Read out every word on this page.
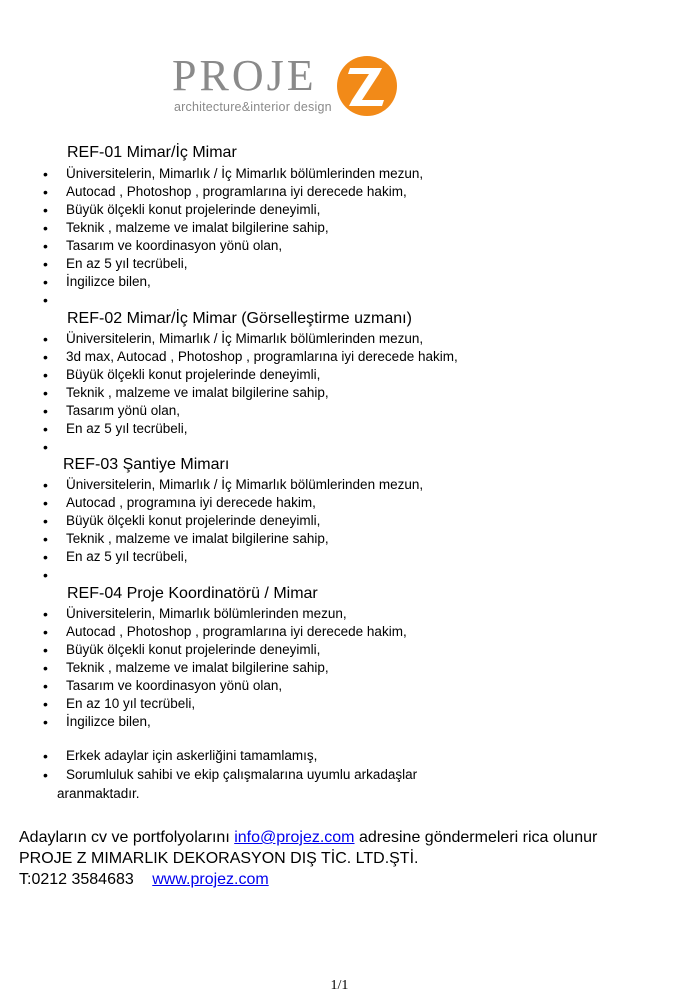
PROJE
architecture&interior design
REF-01 Mimar/İç Mimar
• Üniversitelerin, Mimarlık / İç Mimarlık bölümlerinden mezun,
• Autocad , Photoshop , programlarına iyi derecede hakim,
• Büyük ölçekli konut projelerinde deneyimli,
• Teknik , malzeme ve imalat bilgilerine sahip,
• Tasarım ve koordinasyon yönü olan,
• En az 5 yıl tecrübeli,
• İngilizce bilen,
•
REF-02 Mimar/İç Mimar (Görselleştirme uzmanı)
• Üniversitelerin, Mimarlık / İç Mimarlık bölümlerinden mezun,
• 3d max, Autocad , Photoshop , programlarına iyi derecede hakim,
• Büyük ölçekli konut projelerinde deneyimli,
• Teknik , malzeme ve imalat bilgilerine sahip,
• Tasarım yönü olan,
• En az 5 yıl tecrübeli,
•
REF-03 Şantiye Mimarı
• Üniversitelerin, Mimarlık / İç Mimarlık bölümlerinden mezun,
• Autocad , programına iyi derecede hakim,
• Büyük ölçekli konut projelerinde deneyimli,
• Teknik , malzeme ve imalat bilgilerine sahip,
• En az 5 yıl tecrübeli,
•
REF-04 Proje Koordinatörü / Mimar
• Üniversitelerin, Mimarlık bölümlerinden mezun,
• Autocad , Photoshop , programlarına iyi derecede hakim,
• Büyük ölçekli konut projelerinde deneyimli,
• Teknik , malzeme ve imalat bilgilerine sahip,
• Tasarım ve koordinasyon yönü olan,
• En az 10 yıl tecrübeli,
• İngilizce bilen,
• Erkek adaylar için askerliğini tamamlamış,
• Sorumluluk sahibi ve ekip çalışmalarına uyumlu arkadaşlar
aranmaktadır.
Adayların cv ve portfolyolarını info@projez.com adresine göndermeleri rica olunur
PROJE Z MIMARLIK DEKORASYON DIŞ TİC. LTD.ŞTİ.
T:0212 3584683 www.projez.com
1/1
